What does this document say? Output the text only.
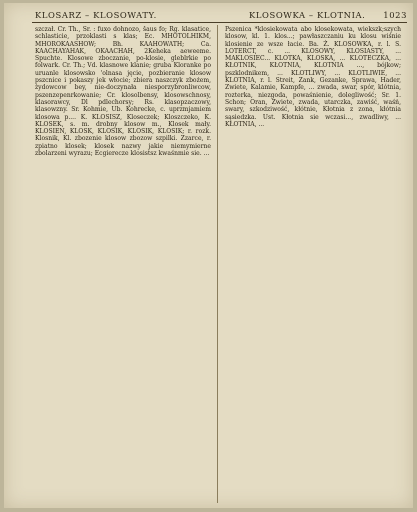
KLOSARZ – KLOSOWATY.	KLOSOWKA – KLOTNIA. 1023

szczał. Cr. Th., Sr. : fuxo dohnozo, šaus fo; Rg. klasatice, schlasticie, przoklasti s klas; Ec. MHOTOLHIKM, MHOROKAASHOW; Bh. KAAHOWATH; Ca. KAACHAYAHAK, OKAACHAH, 2Keheka aeweeme. Spuchte. Klosowe zboczanie, po-klosie, gleblrkie po folwark. Cr. Th.; Vd. klasnowe klanie; gruba Kloranke po uruanle klosowsko 'olnasa jęcie, pozbieranie klosow pszcnice i pokaszy jek włocie; zbiera naszczyk zbożem, żydowcow bey, nie-doczynała niesporzybronliwcow, pszenzepenrkowanie; Cr. klosolbensy, klosowschnosy, klasorawcy, Dl pdlechorsy; Rs. klasopzaczowy, klasowzny. Sr. Kohmie, Ub. Kohrecke, c. uprzmjamiem klosowa p.... K. KLOSISZ, Kloseczek; Kloszczeko, K. KLOSEK, s. m. drobny klosow m., Klosek mały. KLOSIEN, KLOSK, KLOSIK, KLOSIK, KLOSIK; r. rozk. Klosnik, Kl. zbozenie klosow zbozow szpilki. Zzarce, r. zpiatno klosek; klosek nazwy jakie niemymierne zbolarzeni wyrazu; Ecgierecze klosistsz kwaśnmie sie. ...

Pszenica *klosiekowata abo klosekowata, wiekszk;szych klosow, kl. 1. klos...; pawłaszczaniu ku klosu wiśnie klosienie ze wsze łacie. Ba. Ż. KLOSOWKA, r. l. S. LOTERCT, c. ... KLOSOWY, KLOSIASTY, ... MAKLOSIEC... KLOTKA, KLOSKA, ... KLOTECZKA, ... KŁOTNIK, KŁOTNIA, KLOTNIA ..., bójkow; pszklodnikem, ... KLOTLIWY, ... KLOTLIWIE, ... KLOTNIA, r. l. Streit, Zank, Gezanke, Sprawa, Hader, Zwiete, Kalamie, Kampfe, ... zwada, swar, spór, klótnia, rozterka, niezgoda, powaśnienie, dolegliwość; Sr. 1. Schon; Oran, Zwiete, zwada, utarczka, zawiść, waśń, swary, szkodziwość, kłótnie, Kłotnia z zona, kłótnia sąsiedzka. Ust. Kłotnia sie wczasi..., zwadliwy, ... KŁOTNIA, ...
